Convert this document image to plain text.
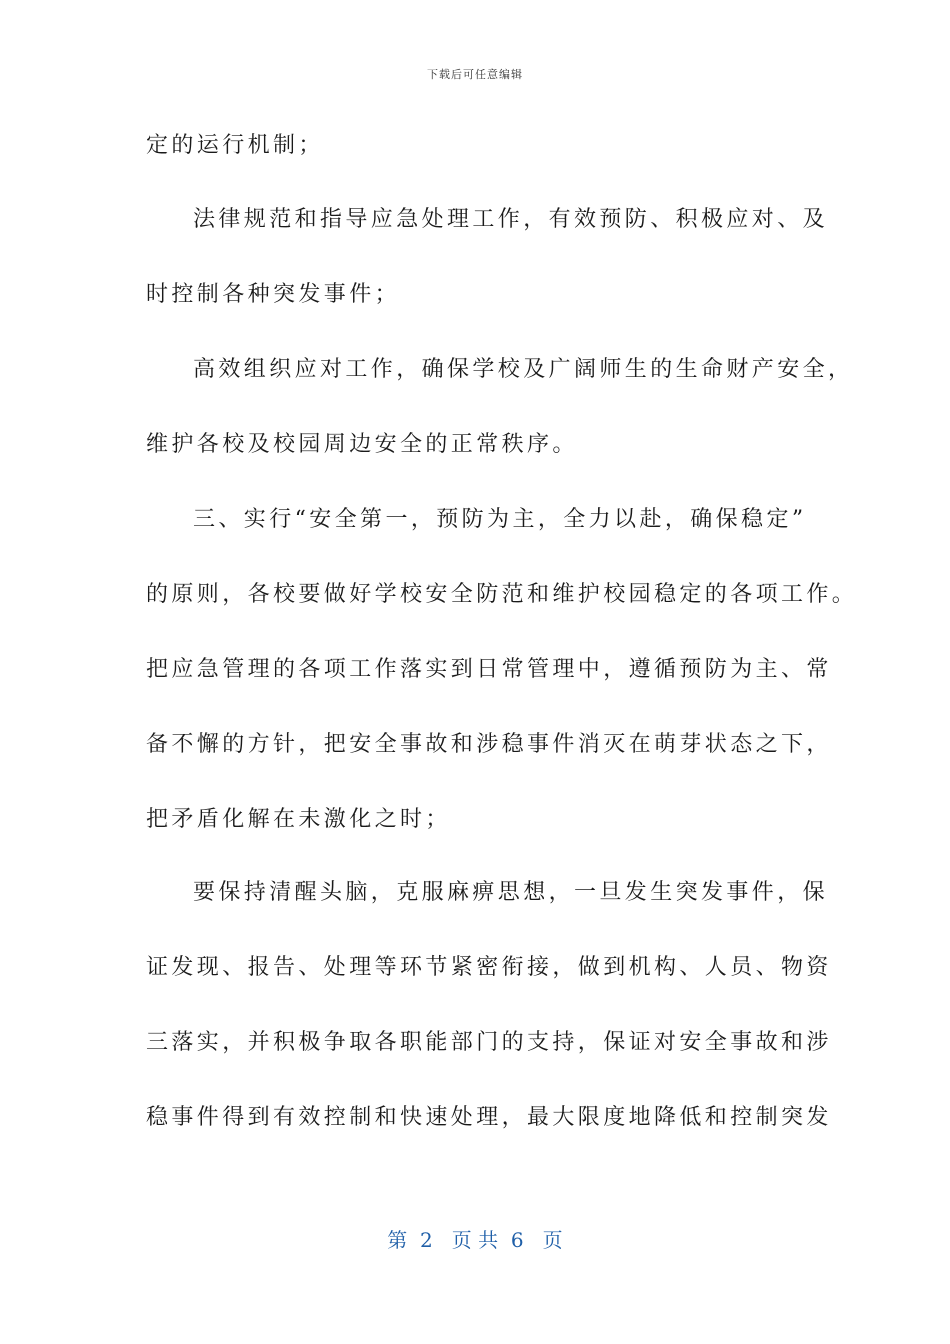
下载后可任意编辑
定的运行机制；
法律规范和指导应急处理工作，有效预防、积极应对、及
时控制各种突发事件；
高效组织应对工作，确保学校及广阔师生的生命财产安全，
维护各校及校园周边安全的正常秩序。
三、实行“安全第一，预防为主，全力以赴，确保稳定”
的原则，各校要做好学校安全防范和维护校园稳定的各项工作。
把应急管理的各项工作落实到日常管理中，遵循预防为主、常
备不懈的方针，把安全事故和涉稳事件消灭在萌芽状态之下，
把矛盾化解在未激化之时；
要保持清醒头脑，克服麻痹思想，一旦发生突发事件，保
证发现、报告、处理等环节紧密衔接，做到机构、人员、物资
三落实，并积极争取各职能部门的支持，保证对安全事故和涉
稳事件得到有效控制和快速处理，最大限度地降低和控制突发
第  2   页 共  6   页
